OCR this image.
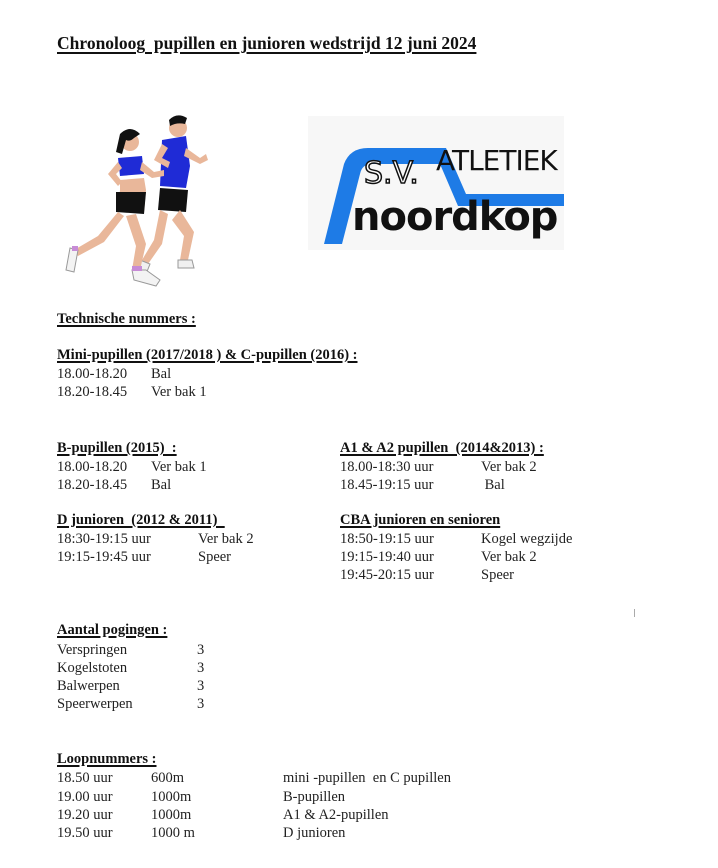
Chronoloog  pupillen en junioren wedstrijd 12 juni 2024

ATLETIEK

S.V.

noordkop

Technische nummers :
Mini-pupillen (2017/2018 ) & C-pupillen (2016) :
18.00-18.20 Bal
18.20-18.45 Ver bak 1
B-pupillen (2015)  :
18.00-18.20 Ver bak 1
18.20-18.45 Bal
A1 & A2 pupillen  (2014&2013) :
18.00-18:30 uur	Ver bak 2
18.45-19:15 uur	Bal
D junioren  (2012 & 2011)
18:30-19:15 uur	Ver bak 2
19:15-19:45 uur	Speer
CBA junioren en senioren
18:50-19:15 uur	Kogel wegzijde
19:15-19:40 uur	Ver bak 2
19:45-20:15 uur	Speer
Aantal pogingen :
Verspringen	3
Kogelstoten	3
Balwerpen	3
Speerwerpen	3
Loopnummers :
18.50 uur	600m	mini -pupillen  en C pupillen
19.00 uur	1000m	B-pupillen
19.20 uur	1000m	A1 & A2-pupillen
19.50 uur	1000 m	D junioren
